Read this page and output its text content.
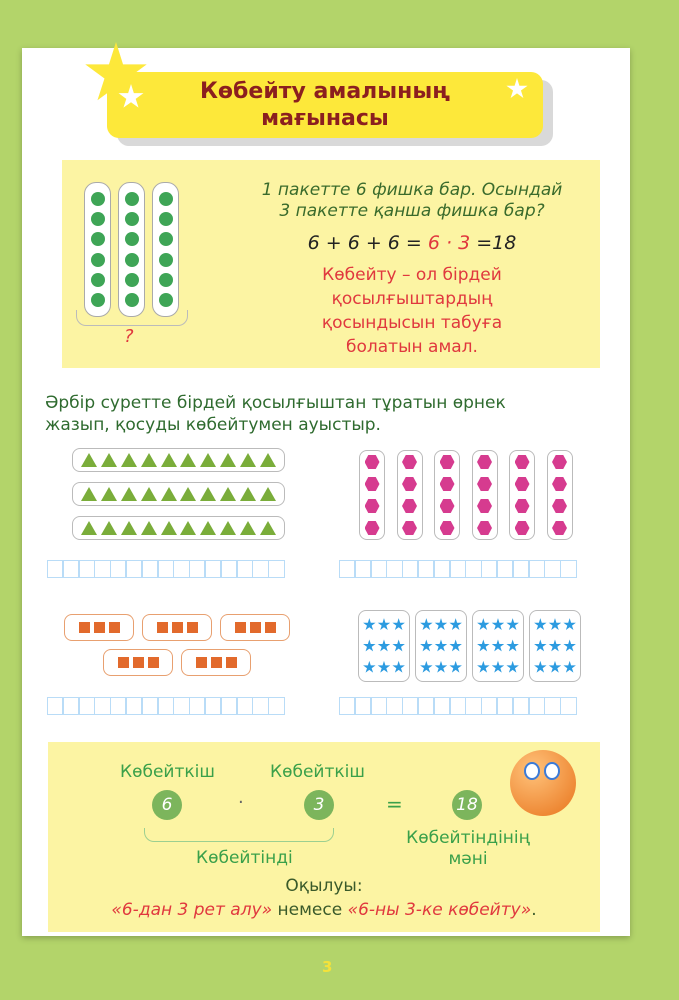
Көбейту амалының
мағынасы
?
1 пакетте 6 фишка бар. Осындай
3 пакетте қанша фишка бар?
6 + 6 + 6 = 6 · 3 =18
Көбейту – ол бірдей
қосылғыштардың
қосындысын табуға
болатын амал.
Әрбір суретте бірдей қосылғыштан тұратын өрнек
жазып, қосуды көбейтумен ауыстыр.
Көбейткіш	Көбейткіш
6	·	3	=	18
Көбейтінді
Көбейтіндінің
мәні
Оқылуы:
«6-дан 3 рет алу» немесе «6-ны 3-ке көбейту».
3
